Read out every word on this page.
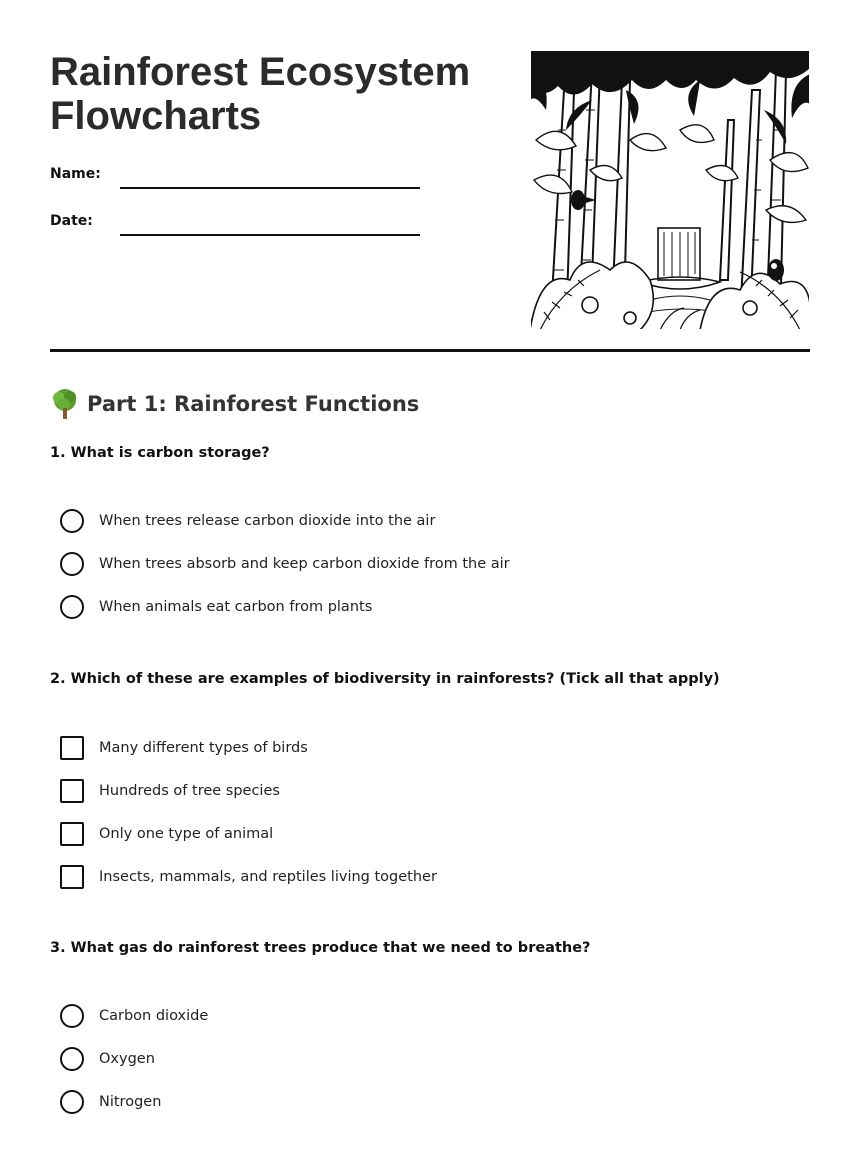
Rainforest Ecosystem Flowcharts
Name:
Date:
Part 1: Rainforest Functions
1. What is carbon storage?
When trees release carbon dioxide into the air
When trees absorb and keep carbon dioxide from the air
When animals eat carbon from plants
2. Which of these are examples of biodiversity in rainforests? (Tick all that apply)
Many different types of birds
Hundreds of tree species
Only one type of animal
Insects, mammals, and reptiles living together
3. What gas do rainforest trees produce that we need to breathe?
Carbon dioxide
Oxygen
Nitrogen
